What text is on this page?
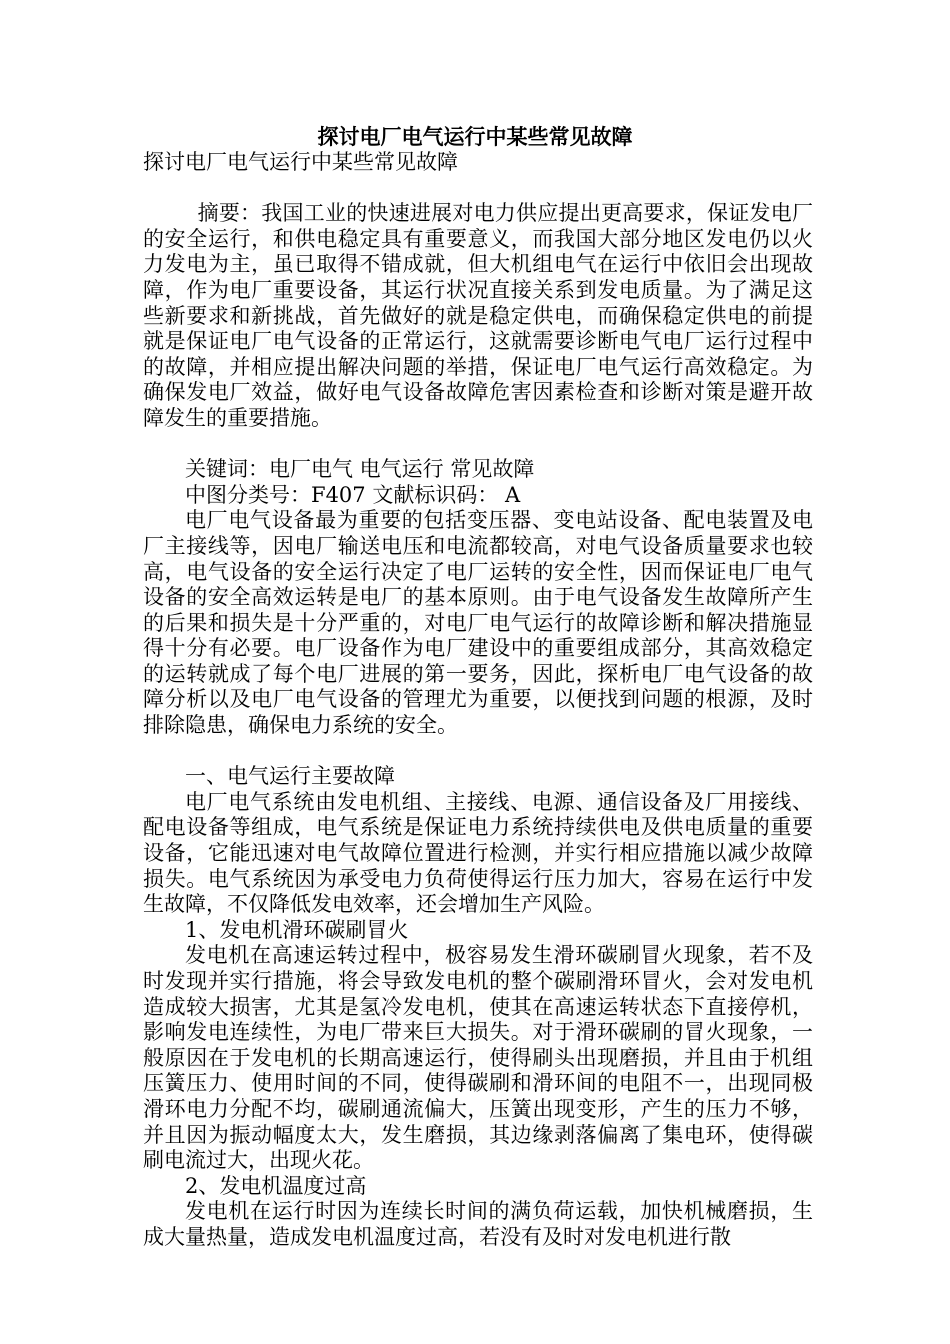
探讨电厂电气运行中某些常见故障

探讨电厂电气运行中某些常见故障

摘要：我国工业的快速进展对电力供应提出更高要求，保证发电厂的安全运行，和供电稳定具有重要意义，而我国大部分地区发电仍以火力发电为主，虽已取得不错成就，但大机组电气在运行中依旧会出现故障，作为电厂重要设备，其运行状况直接关系到发电质量。为了满足这些新要求和新挑战，首先做好的就是稳定供电，而确保稳定供电的前提就是保证电厂电气设备的正常运行，这就需要诊断电气电厂运行过程中的故障，并相应提出解决问题的举措，保证电厂电气运行高效稳定。为确保发电厂效益，做好电气设备故障危害因素检查和诊断对策是避开故障发生的重要措施。

关键词：电厂电气 电气运行 常见故障

中图分类号：F407 文献标识码： A

电厂电气设备最为重要的包括变压器、变电站设备、配电装置及电厂主接线等，因电厂输送电压和电流都较高，对电气设备质量要求也较高，电气设备的安全运行决定了电厂运转的安全性，因而保证电厂电气设备的安全高效运转是电厂的基本原则。由于电气设备发生故障所产生的后果和损失是十分严重的，对电厂电气运行的故障诊断和解决措施显得十分有必要。电厂设备作为电厂建设中的重要组成部分，其高效稳定的运转就成了每个电厂进展的第一要务，因此，探析电厂电气设备的故障分析以及电厂电气设备的管理尤为重要，以便找到问题的根源，及时排除隐患，确保电力系统的安全。

一、电气运行主要故障

电厂电气系统由发电机组、主接线、电源、通信设备及厂用接线、配电设备等组成，电气系统是保证电力系统持续供电及供电质量的重要设备，它能迅速对电气故障位置进行检测，并实行相应措施以减少故障损失。电气系统因为承受电力负荷使得运行压力加大，容易在运行中发生故障，不仅降低发电效率，还会增加生产风险。

1、发电机滑环碳刷冒火

发电机在高速运转过程中，极容易发生滑环碳刷冒火现象，若不及时发现并实行措施，将会导致发电机的整个碳刷滑环冒火，会对发电机造成较大损害，尤其是氢冷发电机，使其在高速运转状态下直接停机，影响发电连续性，为电厂带来巨大损失。对于滑环碳刷的冒火现象，一般原因在于发电机的长期高速运行，使得刷头出现磨损，并且由于机组压簧压力、使用时间的不同，使得碳刷和滑环间的电阻不一，出现同极滑环电力分配不均，碳刷通流偏大，压簧出现变形，产生的压力不够，并且因为振动幅度太大，发生磨损，其边缘剥落偏离了集电环，使得碳刷电流过大，出现火花。

2、发电机温度过高

发电机在运行时因为连续长时间的满负荷运载，加快机械磨损，生成大量热量，造成发电机温度过高，若没有及时对发电机进行散
